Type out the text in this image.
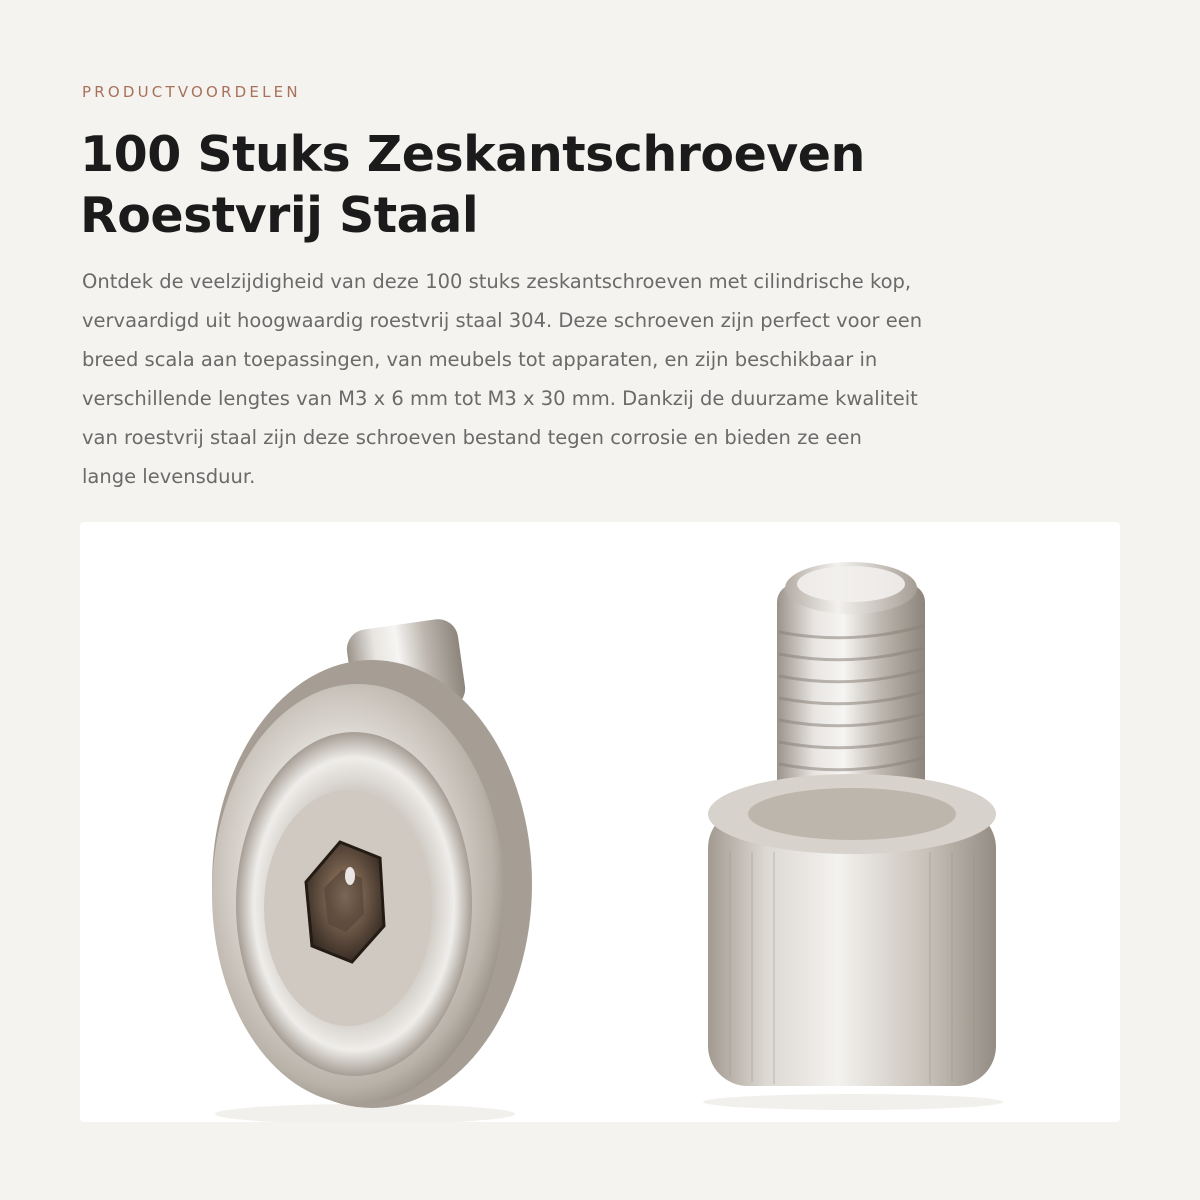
PRODUCTVOORDELEN
100 Stuks Zeskantschroeven
Roestvrij Staal

Ontdek de veelzijdigheid van deze 100 stuks zeskantschroeven met cilindrische kop,
vervaardigd uit hoogwaardig roestvrij staal 304. Deze schroeven zijn perfect voor een
breed scala aan toepassingen, van meubels tot apparaten, en zijn beschikbaar in
verschillende lengtes van M3 x 6 mm tot M3 x 30 mm. Dankzij de duurzame kwaliteit
van roestvrij staal zijn deze schroeven bestand tegen corrosie en bieden ze een
lange levensduur.
